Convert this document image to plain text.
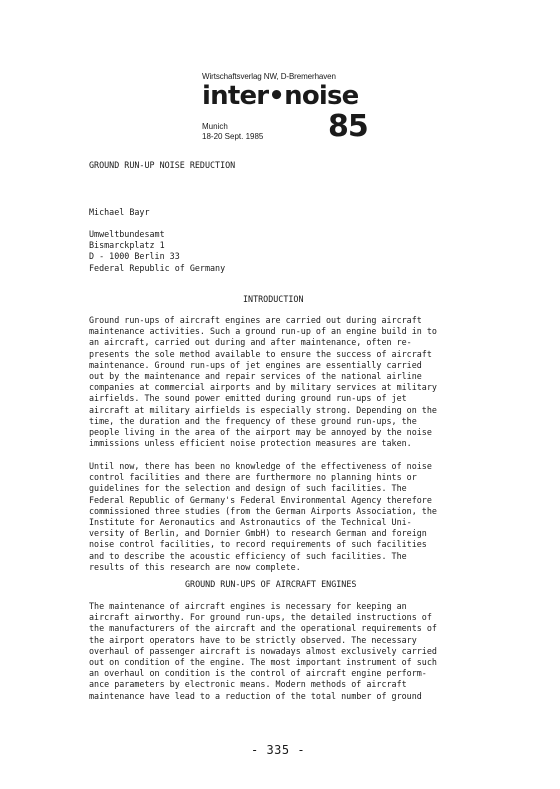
Wirtschaftsverlag NW, D-Bremerhaven
inter•noise
Munich
18-20 Sept. 1985 85
GROUND RUN-UP NOISE REDUCTION
Michael Bayr
Umweltbundesamt
Bismarckplatz 1
D - 1000 Berlin 33
Federal Republic of Germany
INTRODUCTION
Ground run-ups of aircraft engines are carried out during aircraft
maintenance activities. Such a ground run-up of an engine build in to
an aircraft, carried out during and after maintenance, often re-
presents the sole method available to ensure the success of aircraft
maintenance. Ground run-ups of jet engines are essentially carried
out by the maintenance and repair services of the national airline
companies at commercial airports and by military services at military
airfields. The sound power emitted during ground run-ups of jet
aircraft at military airfields is especially strong. Depending on the
time, the duration and the frequency of these ground run-ups, the
people living in the area of the airport may be annoyed by the noise
immissions unless efficient noise protection measures are taken.
Until now, there has been no knowledge of the effectiveness of noise
control facilities and there are furthermore no planning hints or
guidelines for the selection and design of such facilities. The
Federal Republic of Germany's Federal Environmental Agency therefore
commissioned three studies (from the German Airports Association, the
Institute for Aeronautics and Astronautics of the Technical Uni-
versity of Berlin, and Dornier GmbH) to research German and foreign
noise control facilities, to record requirements of such facilities
and to describe the acoustic efficiency of such facilities. The
results of this research are now complete.
GROUND RUN-UPS OF AIRCRAFT ENGINES
The maintenance of aircraft engines is necessary for keeping an
aircraft airworthy. For ground run-ups, the detailed instructions of
the manufacturers of the aircraft and the operational requirements of
the airport operators have to be strictly observed. The necessary
overhaul of passenger aircraft is nowadays almost exclusively carried
out on condition of the engine. The most important instrument of such
an overhaul on condition is the control of aircraft engine perform-
ance parameters by electronic means. Modern methods of aircraft
maintenance have lead to a reduction of the total number of ground
- 335 -
